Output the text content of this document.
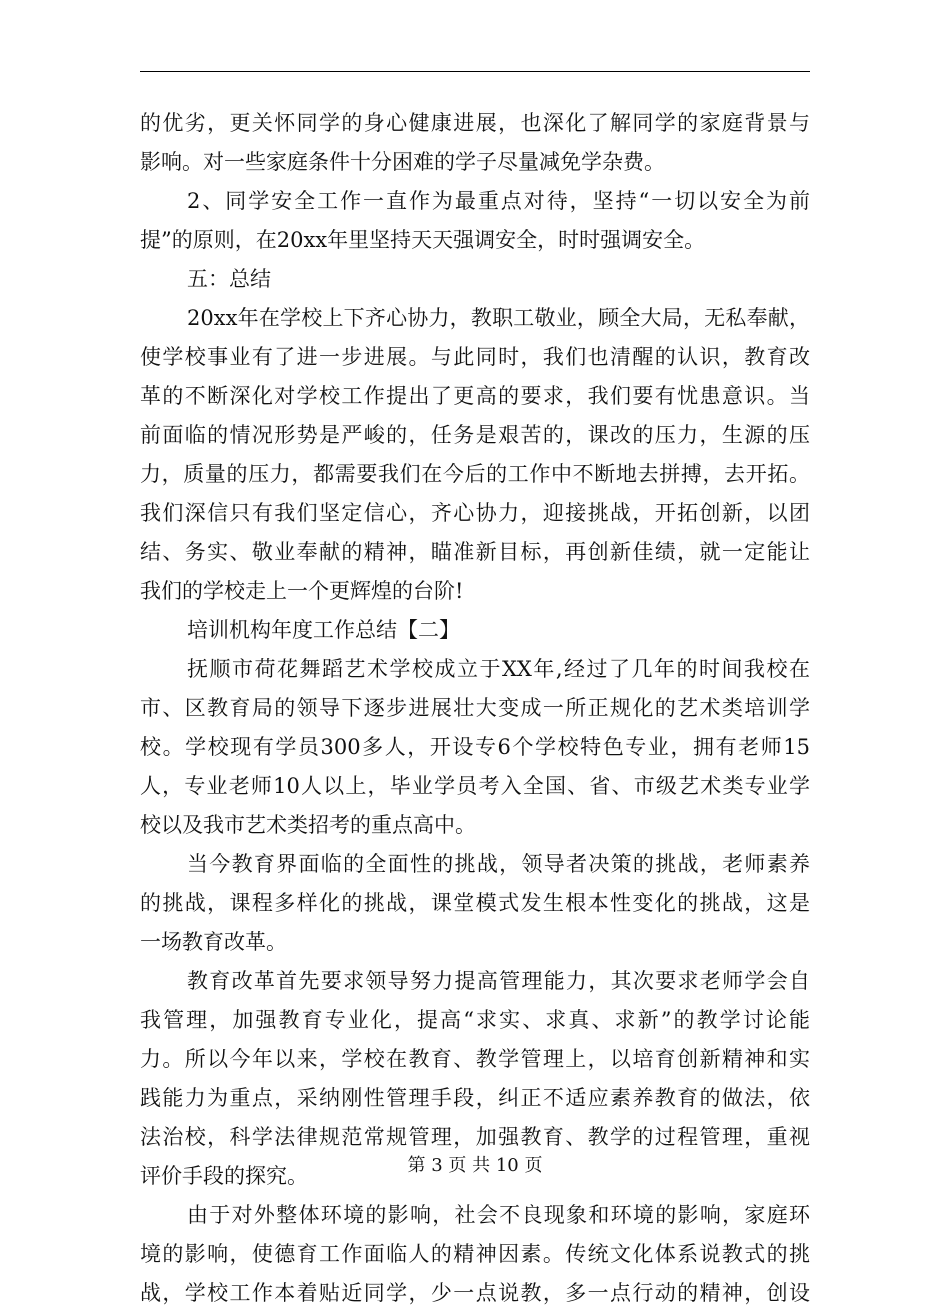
的优劣，更关怀同学的身心健康进展，也深化了解同学的家庭背景与
影响。对一些家庭条件十分困难的学子尽量减免学杂费。
2、同学安全工作一直作为最重点对待，坚持“一切以安全为前
提”的原则，在20xx年里坚持天天强调安全，时时强调安全。
五：总结
20xx年在学校上下齐心协力，教职工敬业，顾全大局，无私奉献，
使学校事业有了进一步进展。与此同时，我们也清醒的认识，教育改
革的不断深化对学校工作提出了更高的要求，我们要有忧患意识。当
前面临的情况形势是严峻的，任务是艰苦的，课改的压力，生源的压
力，质量的压力，都需要我们在今后的工作中不断地去拼搏，去开拓。
我们深信只有我们坚定信心，齐心协力，迎接挑战，开拓创新，以团
结、务实、敬业奉献的精神，瞄准新目标，再创新佳绩，就一定能让
我们的学校走上一个更辉煌的台阶!
培训机构年度工作总结【二】
抚顺市荷花舞蹈艺术学校成立于XX年,经过了几年的时间我校在
市、区教育局的领导下逐步进展壮大变成一所正规化的艺术类培训学
校。学校现有学员300多人，开设专6个学校特色专业，拥有老师15
人，专业老师10人以上，毕业学员考入全国、省、市级艺术类专业学
校以及我市艺术类招考的重点高中。
当今教育界面临的全面性的挑战，领导者决策的挑战，老师素养
的挑战，课程多样化的挑战，课堂模式发生根本性变化的挑战，这是
一场教育改革。
教育改革首先要求领导努力提高管理能力，其次要求老师学会自
我管理，加强教育专业化，提高“求实、求真、求新”的教学讨论能
力。所以今年以来，学校在教育、教学管理上，以培育创新精神和实
践能力为重点，采纳刚性管理手段，纠正不适应素养教育的做法，依
法治校，科学法律规范常规管理，加强教育、教学的过程管理，重视
评价手段的探究。
由于对外整体环境的影响，社会不良现象和环境的影响，家庭环
境的影响，使德育工作面临人的精神因素。传统文化体系说教式的挑
战，学校工作本着贴近同学，少一点说教，多一点行动的精神，创设
第 3 页 共 10 页
